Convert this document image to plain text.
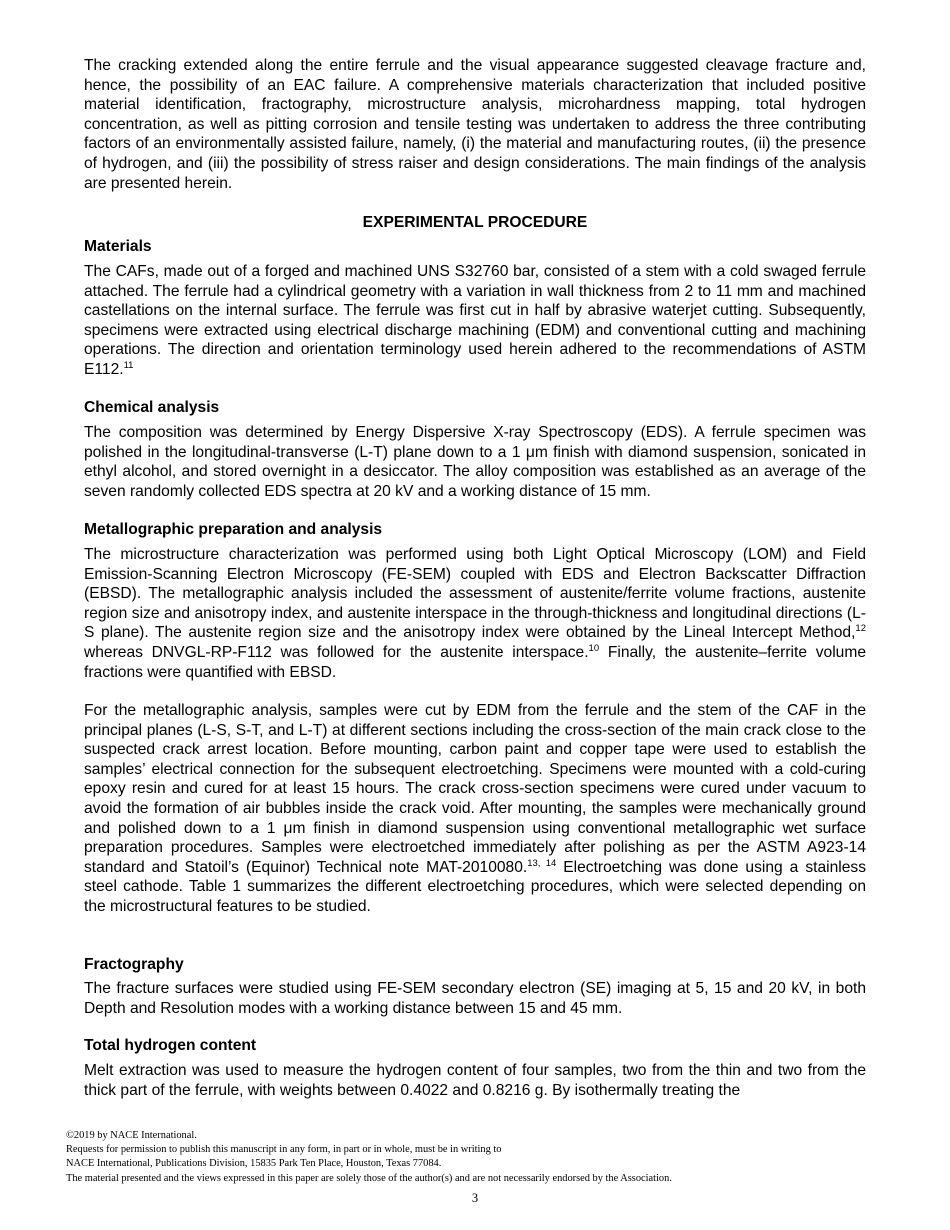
The cracking extended along the entire ferrule and the visual appearance suggested cleavage fracture and, hence, the possibility of an EAC failure. A comprehensive materials characterization that included positive material identification, fractography, microstructure analysis, microhardness mapping, total hydrogen concentration, as well as pitting corrosion and tensile testing was undertaken to address the three contributing factors of an environmentally assisted failure, namely, (i) the material and manufacturing routes, (ii) the presence of hydrogen, and (iii) the possibility of stress raiser and design considerations. The main findings of the analysis are presented herein.

EXPERIMENTAL PROCEDURE

Materials

The CAFs, made out of a forged and machined UNS S32760 bar, consisted of a stem with a cold swaged ferrule attached. The ferrule had a cylindrical geometry with a variation in wall thickness from 2 to 11 mm and machined castellations on the internal surface. The ferrule was first cut in half by abrasive waterjet cutting. Subsequently, specimens were extracted using electrical discharge machining (EDM) and conventional cutting and machining operations. The direction and orientation terminology used herein adhered to the recommendations of ASTM E112.11

Chemical analysis

The composition was determined by Energy Dispersive X-ray Spectroscopy (EDS). A ferrule specimen was polished in the longitudinal-transverse (L-T) plane down to a 1 μm finish with diamond suspension, sonicated in ethyl alcohol, and stored overnight in a desiccator. The alloy composition was established as an average of the seven randomly collected EDS spectra at 20 kV and a working distance of 15 mm.

Metallographic preparation and analysis

The microstructure characterization was performed using both Light Optical Microscopy (LOM) and Field Emission-Scanning Electron Microscopy (FE-SEM) coupled with EDS and Electron Backscatter Diffraction (EBSD). The metallographic analysis included the assessment of austenite/ferrite volume fractions, austenite region size and anisotropy index, and austenite interspace in the through-thickness and longitudinal directions (L-S plane). The austenite region size and the anisotropy index were obtained by the Lineal Intercept Method,$^{12}$ whereas DNVGL-RP-F112 was followed for the austenite interspace.$^{10}$ Finally, the austenite–ferrite volume fractions were quantified with EBSD.

For the metallographic analysis, samples were cut by EDM from the ferrule and the stem of the CAF in the principal planes (L-S, S-T, and L-T) at different sections including the cross-section of the main crack close to the suspected crack arrest location. Before mounting, carbon paint and copper tape were used to establish the samples’ electrical connection for the subsequent electroetching. Specimens were mounted with a cold-curing epoxy resin and cured for at least 15 hours. The crack cross-section specimens were cured under vacuum to avoid the formation of air bubbles inside the crack void. After mounting, the samples were mechanically ground and polished down to a 1 μm finish in diamond suspension using conventional metallographic wet surface preparation procedures. Samples were electroetched immediately after polishing as per the ASTM A923-14 standard and Statoil’s (Equinor) Technical note MAT-2010080.$^{13, 14}$ Electroetching was done using a stainless steel cathode. Table 1 summarizes the different electroetching procedures, which were selected depending on the microstructural features to be studied.

Fractography

The fracture surfaces were studied using FE-SEM secondary electron (SE) imaging at 5, 15 and 20 kV, in both Depth and Resolution modes with a working distance between 15 and 45 mm.

Total hydrogen content

Melt extraction was used to measure the hydrogen content of four samples, two from the thin and two from the thick part of the ferrule, with weights between 0.4022 and 0.8216 g. By isothermally treating the

©2019 by NACE International.
Requests for permission to publish this manuscript in any form, in part or in whole, must be in writing to
NACE International, Publications Division, 15835 Park Ten Place, Houston, Texas 77084.
The material presented and the views expressed in this paper are solely those of the author(s) and are not necessarily endorsed by the Association.
3
